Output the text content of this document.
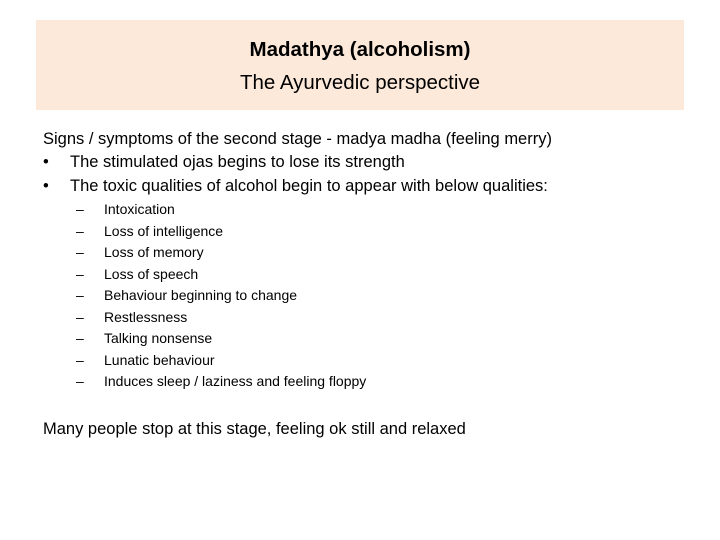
Madathya (alcoholism)
The Ayurvedic perspective
Signs / symptoms of the second stage - madya madha (feeling merry)
• The stimulated ojas begins to lose its strength
• The toxic qualities of alcohol begin to appear with below qualities:
– Intoxication
– Loss of intelligence
– Loss of memory
– Loss of speech
– Behaviour beginning to change
– Restlessness
– Talking nonsense
– Lunatic behaviour
– Induces sleep / laziness and feeling floppy
Many people stop at this stage, feeling ok still and relaxed
